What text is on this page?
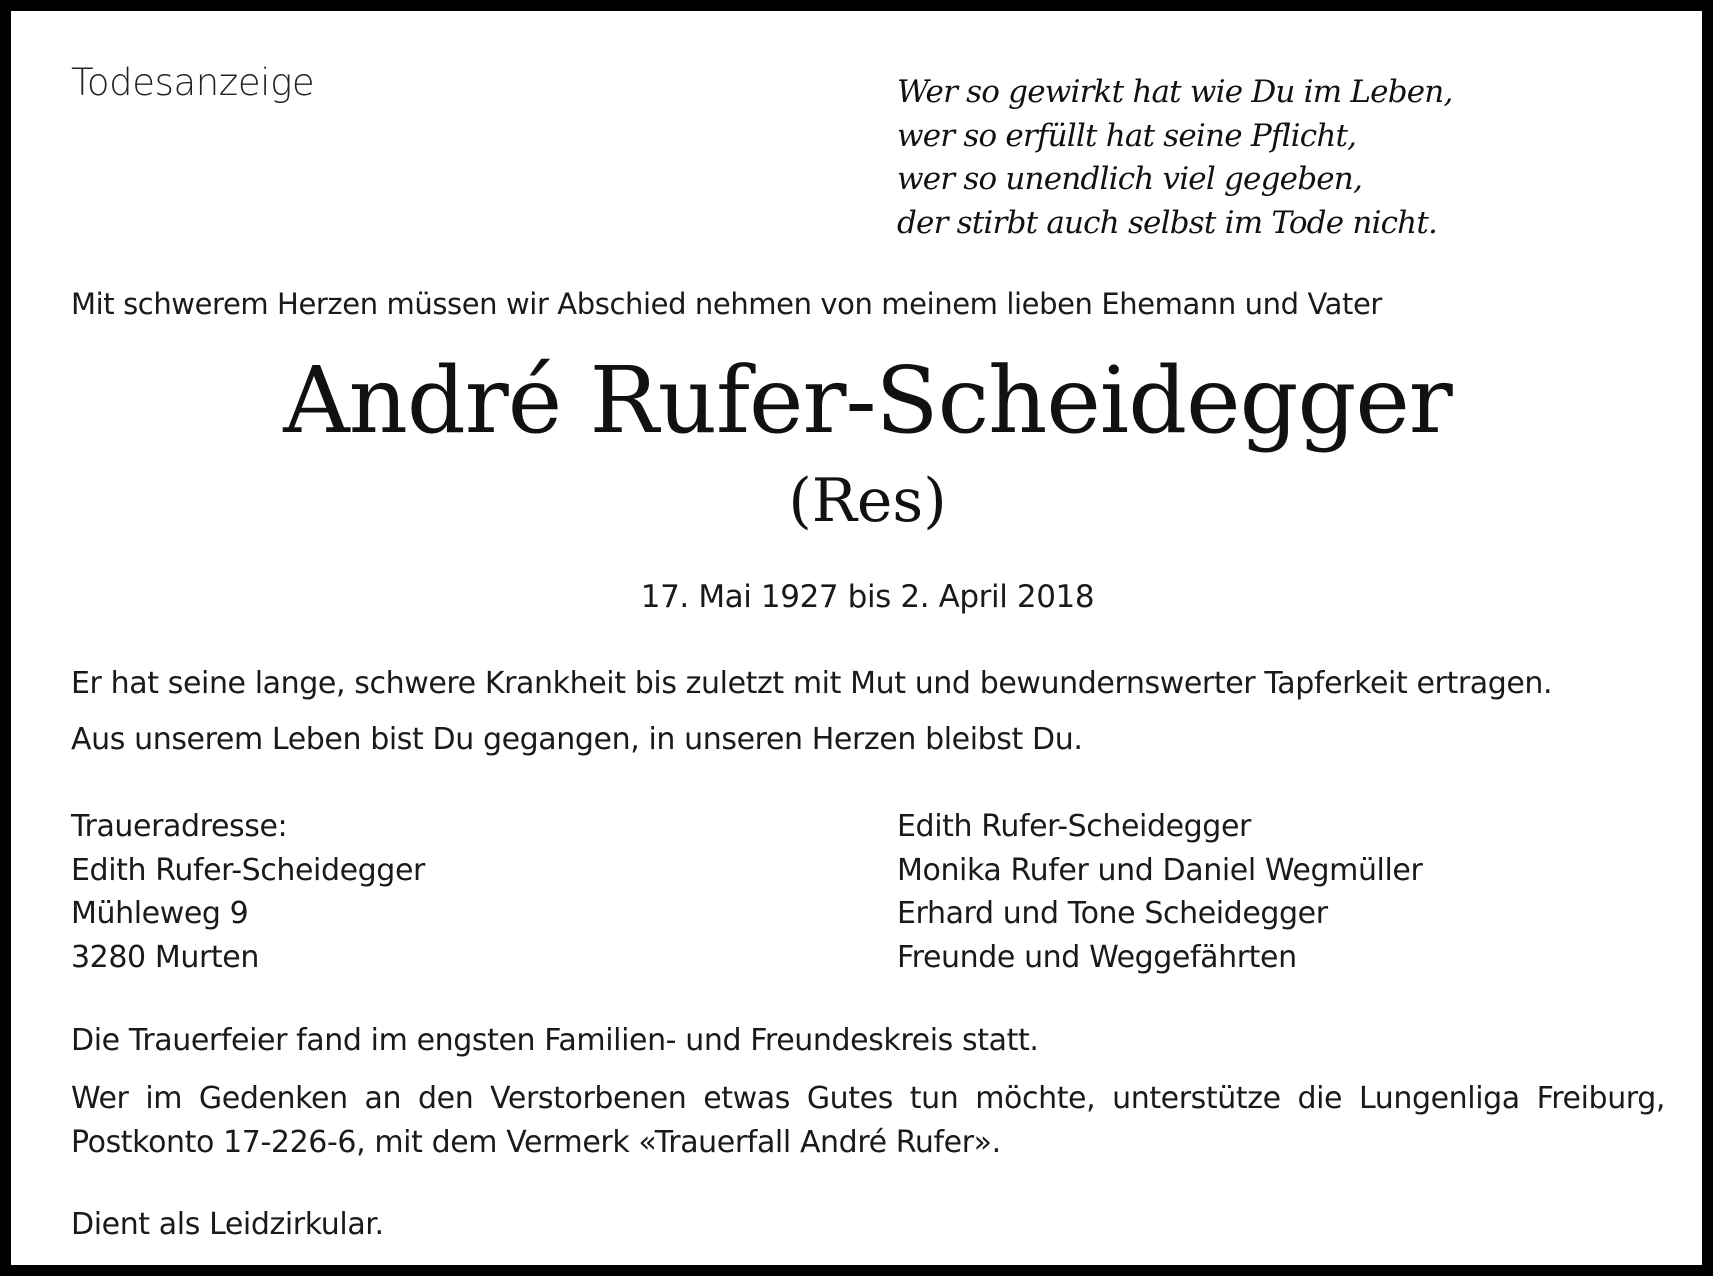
Todesanzeige	Wer so gewirkt hat wie Du im Leben,
wer so erfüllt hat seine Pflicht,
wer so unendlich viel gegeben,
der stirbt auch selbst im Tode nicht.

Mit schwerem Herzen müssen wir Abschied nehmen von meinem lieben Ehemann und Vater

André Rufer-Scheidegger

(Res)

17. Mai 1927 bis 2. April 2018

Er hat seine lange, schwere Krankheit bis zuletzt mit Mut und bewundernswerter Tapferkeit ertragen.

Aus unserem Leben bist Du gegangen, in unseren Herzen bleibst Du.

Traueradresse:
Edith Rufer-Scheidegger
Mühleweg 9
3280 Murten
Edith Rufer-Scheidegger
Monika Rufer und Daniel Wegmüller
Erhard und Tone Scheidegger
Freunde und Weggefährten

Die Trauerfeier fand im engsten Familien- und Freundeskreis statt.

Wer im Gedenken an den Verstorbenen etwas Gutes tun möchte, unterstütze die Lungenliga Freiburg, Postkonto 17-226-6, mit dem Vermerk «Trauerfall André Rufer».

Dient als Leidzirkular.
